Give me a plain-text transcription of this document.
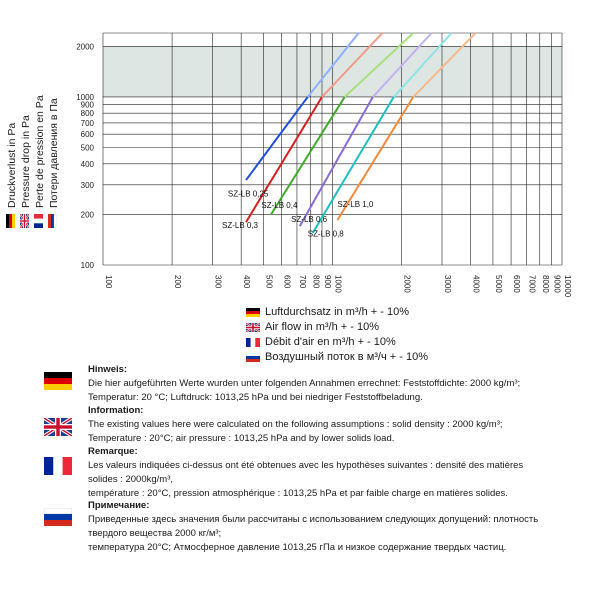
100	200	300 400 500 600 700 800 900 1000	2000	3000 4000 5000 6000 7000 8000 9000 10000
100
200
300
400
500
600
700
800
900
1000
2000
SZ-LB 0,25
SZ-LB 0,3
SZ-LB 0,4
SZ-LB 0,6
SZ-LB 0,8
SZ-LB 1,0
Druckverlust in Pa Pressure drop in Pa Perte de pression en Pa Потери давления в Па
Luftdurchsatz in m³/h + - 10%
Air flow in m³/h + - 10%
Débit d'air en m³/h + - 10%
Воздушный поток в м³/ч + - 10%
Hinweis:
Die hier aufgeführten Werte wurden unter folgenden Annahmen errechnet: Feststoffdichte: 2000 kg/m³;
Temperatur: 20 °C; Luftdruck: 1013,25 hPa und bei niedriger Feststoffbeladung.
Information:
The existing values here were calculated on the following assumptions : solid density : 2000 kg/m³;
Temperature : 20°C; air pressure : 1013,25 hPa and by lower solids load.
Remarque:
Les valeurs indiquées ci-dessus ont été obtenues avec les hypothèses suivantes : densité des matières
solides : 2000kg/m³,
température : 20°C, pression atmosphérique : 1013,25 hPa et par faible charge en matières solides.
Примечание:
Приведенные здесь значения были рассчитаны с использованием следующих допущений: плотность
твердого вещества 2000 кг/м³;
температура 20°C; Атмосферное давление 1013,25 гПа и низкое содержание твердых частиц.
